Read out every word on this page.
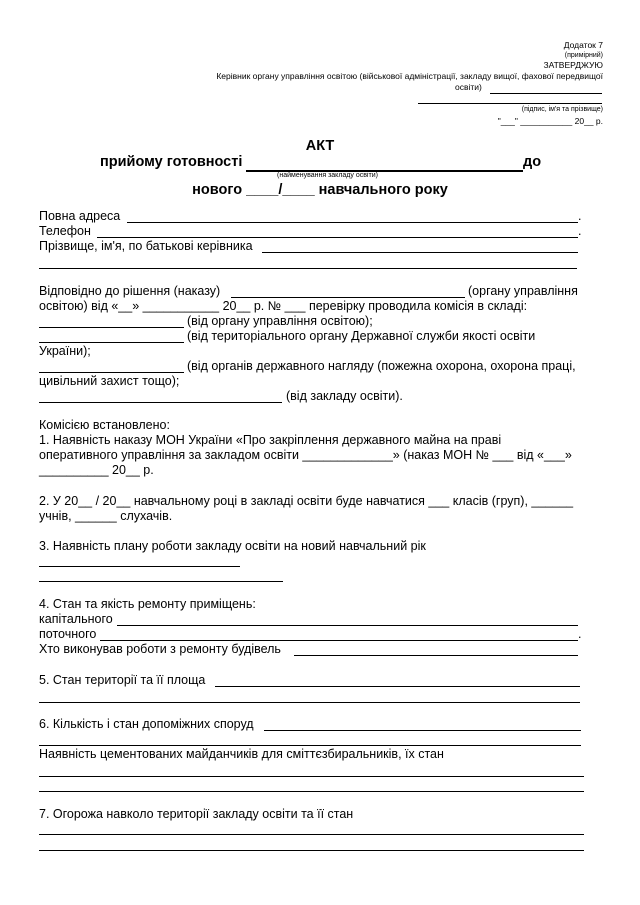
Додаток 7
(примірний)
ЗАТВЕРДЖУЮ
Керівник органу управління освітою (військової адміністрації, закладу вищої, фахової передвищої
освіти)
(підпис, ім'я та прізвище)
"___" ___________ 20__ р.
АКТ
прийому готовності	до
(найменування закладу освіти)
нового ____/____ навчального року
Повна адреса	.
Телефон	.
Прізвище, ім'я, по батькові керівника
Відповідно до рішення (наказу)	(органу управління
освітою) від «__» ___________ 20__ р. № ___ перевірку проводила комісія в складі:
(від органу управління освітою);
(від територіального органу Державної служби якості освіти
України);
(від органів державного нагляду (пожежна охорона, охорона праці,
цивільний захист тощо);
(від закладу освіти).
Комісією встановлено:
1. Наявність наказу МОН України «Про закріплення державного майна на праві
оперативного управління за закладом освіти _____________» (наказ МОН № ___ від «___»
__________ 20__ р.
2. У 20__ / 20__ навчальному році в закладі освіти буде навчатися ___ класів (груп), ______
учнів, ______ слухачів.
3. Наявність плану роботи закладу освіти на новий навчальний рік
4. Стан та якість ремонту приміщень:
капітального
поточного	.
Хто виконував роботи з ремонту будівель
5. Стан території та її площа
6. Кількість і стан допоміжних споруд
Наявність цементованих майданчиків для сміттєзбиральників, їх стан
7. Огорожа навколо території закладу освіти та її стан
